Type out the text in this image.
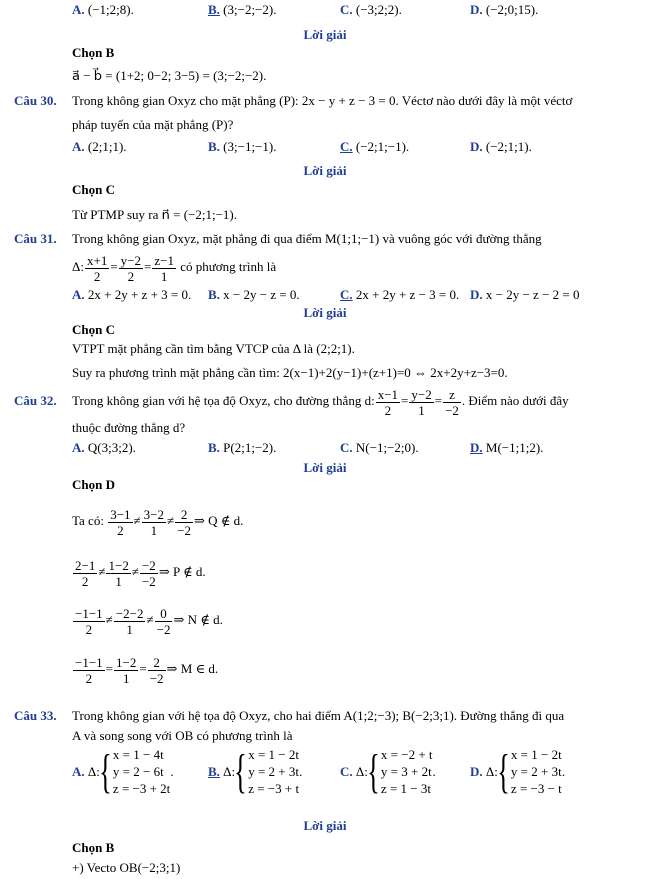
A. (−1;2;8).	B. (3;−2;−2).	C. (−3;2;2).	D. (−2;0;15).
Lời giải
Chọn B
a⃗ − b⃗ = (1+2; 0−2; 3−5) = (3;−2;−2).
Câu 30. Trong không gian Oxyz cho mặt phẳng (P): 2x − y + z − 3 = 0. Véctơ nào dưới đây là một véctơ
pháp tuyến của mặt phẳng (P)?
A. (2;1;1).	B. (3;−1;−1).	C. (−2;1;−1).	D. (−2;1;1).
Lời giải
Chọn C
Từ PTMP suy ra n⃗ = (−2;1;−1).
Câu 31. Trong không gian Oxyz, mặt phẳng đi qua điểm M(1;1;−1) và vuông góc với đường thẳng
Δ: $\frac{x+1}{2} = \frac{y-2}{2} = \frac{z-1}{1}$ có phương trình là
A. 2x + 2y + z + 3 = 0. B. x − 2y − z = 0.	C. 2x + 2y + z − 3 = 0. D. x − 2y − z − 2 = 0
Lời giải
Chọn C
VTPT mặt phẳng cần tìm bằng VTCP của Δ là (2;2;1).
Suy ra phương trình mặt phẳng cần tìm: 2(x−1)+2(y−1)+(z+1)=0 ⇔ 2x+2y+z−3=0.
Câu 32. Trong không gian với hệ tọa độ Oxyz, cho đường thẳng d: $\frac{x-1}{2} = \frac{y-2}{1} = \frac{z}{-2}$ . Điểm nào dưới đây
thuộc đường thẳng d?
A. Q(3;3;2).	B. P(2;1;−2).	C. N(−1;−2;0).	D. M(−1;1;2).
Lời giải
Chọn D
Ta có: $\frac{3-1}{2} \ne \frac{3-2}{1} \ne \frac{2}{-2}$ ⇒ Q ∉ d.
$\frac{2-1}{2} \ne \frac{1-2}{1} \ne \frac{-2}{-2}$ ⇒ P ∉ d.
$\frac{-1-1}{2} \ne \frac{-2-2}{1} \ne \frac{0}{-2}$ ⇒ N ∉ d.
$\frac{-1-1}{2} = \frac{1-2}{1} = \frac{2}{-2}$ ⇒ M ∈ d.
Câu 33. Trong không gian với hệ tọa độ Oxyz, cho hai điểm A(1;2;−3); B(−2;3;1). Đường thẳng đi qua
A và song song với OB có phương trình là
A.
Δ: { x = 1 − 4t
y = 2 − 6t
z = −3 + 2t
.	B.
Δ: { x = 1 − 2t
y = 2 + 3t
z = −3 + t
.	C.
Δ: { x = −2 + t
y = 3 + 2t
z = 1 − 3t
.	D.
Δ: { x = 1 − 2t
y = 2 + 3t
z = −3 − t
.
Lời giải
Chọn B
+) Vecto OB(−2;3;1)
